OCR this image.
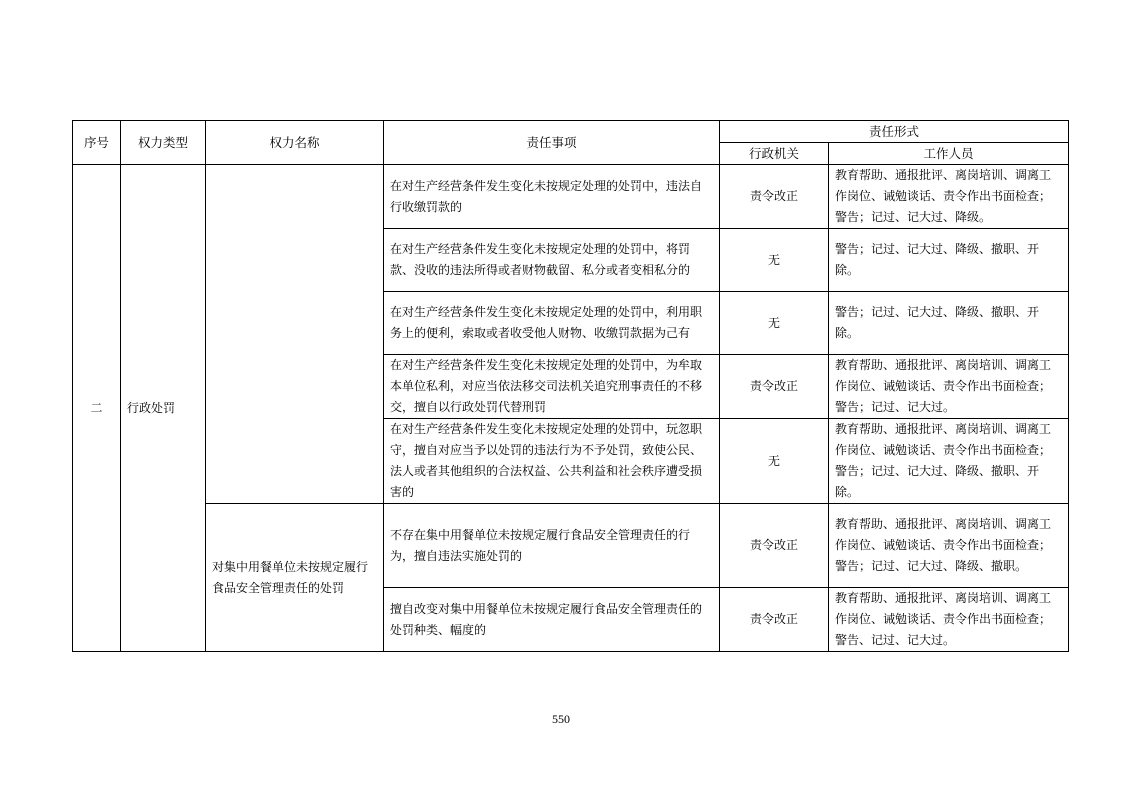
序号	权力类型	权力名称	责任事项	责任形式	
				行政机关	工作人员
二	行政处罚		在对生产经营条件发生变化未按规定处理的处罚中，违法自行收缴罚款的	责令改正	教育帮助、通报批评、离岗培训、调离工作岗位、诫勉谈话、责令作出书面检查；警告；记过、记大过、降级。
			在对生产经营条件发生变化未按规定处理的处罚中，将罚款、没收的违法所得或者财物截留、私分或者变相私分的	无	警告；记过、记大过、降级、撤职、开除。
			在对生产经营条件发生变化未按规定处理的处罚中，利用职务上的便利，索取或者收受他人财物、收缴罚款据为己有	无	警告；记过、记大过、降级、撤职、开除。
			在对生产经营条件发生变化未按规定处理的处罚中，为牟取本单位私利，对应当依法移交司法机关追究刑事责任的不移交，擅自以行政处罚代替刑罚	责令改正	教育帮助、通报批评、离岗培训、调离工作岗位、诫勉谈话、责令作出书面检查；警告；记过、记大过。
			在对生产经营条件发生变化未按规定处理的处罚中，玩忽职守，擅自对应当予以处罚的违法行为不予处罚，致使公民、法人或者其他组织的合法权益、公共利益和社会秩序遭受损害的	无	教育帮助、通报批评、离岗培训、调离工作岗位、诫勉谈话、责令作出书面检查；警告；记过、记大过、降级、撤职、开除。
		对集中用餐单位未按规定履行食品安全管理责任的处罚	不存在集中用餐单位未按规定履行食品安全管理责任的行为，擅自违法实施处罚的	责令改正	教育帮助、通报批评、离岗培训、调离工作岗位、诫勉谈话、责令作出书面检查；警告；记过、记大过、降级、撤职。
			擅自改变对集中用餐单位未按规定履行食品安全管理责任的处罚种类、幅度的	责令改正	教育帮助、通报批评、离岗培训、调离工作岗位、诫勉谈话、责令作出书面检查；警告、记过、记大过。
550
